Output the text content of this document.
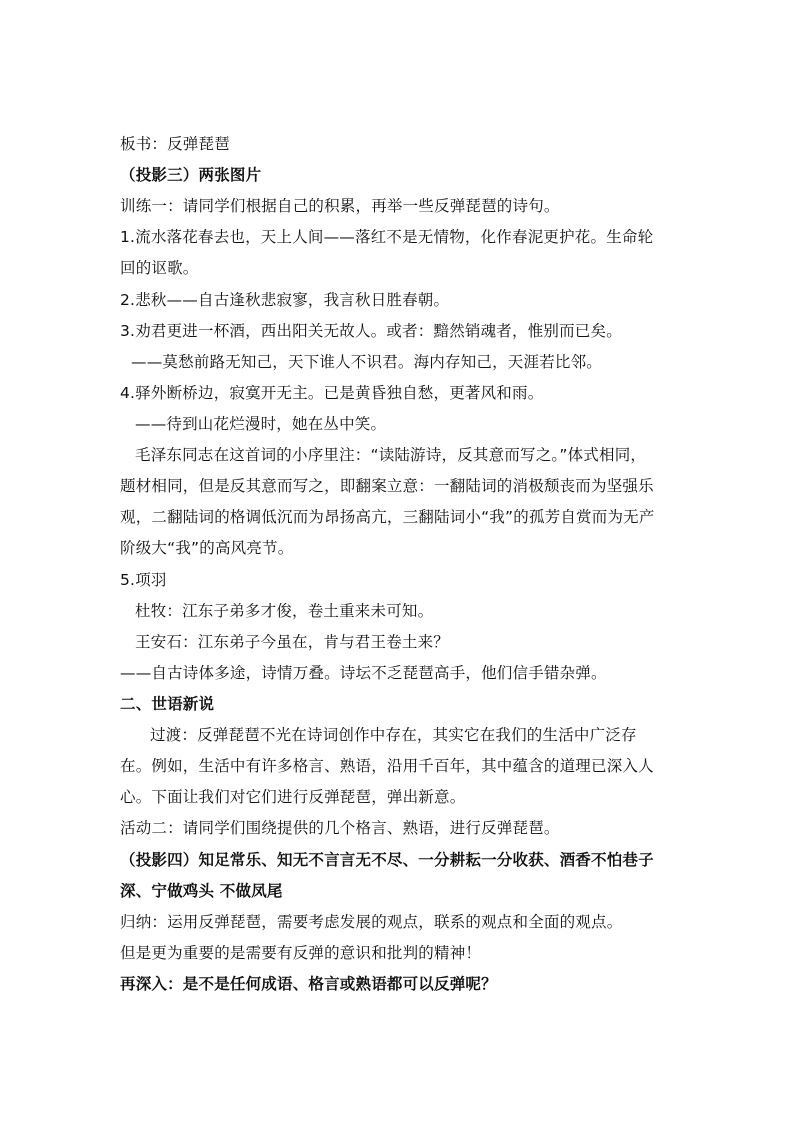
板书：反弹琵琶
（投影三）两张图片
训练一：请同学们根据自己的积累，再举一些反弹琵琶的诗句。
1.流水落花春去也，天上人间——落红不是无情物，化作春泥更护花。生命轮
回的讴歌。
2.悲秋——自古逢秋悲寂寥，我言秋日胜春朝。
3.劝君更进一杯酒，西出阳关无故人。或者：黯然销魂者，惟别而已矣。
——莫愁前路无知己，天下谁人不识君。海内存知己，天涯若比邻。
4.驿外断桥边，寂寞开无主。已是黄昏独自愁，更著风和雨。
——待到山花烂漫时，她在丛中笑。
毛泽东同志在这首词的小序里注：“读陆游诗，反其意而写之。”体式相同，
题材相同，但是反其意而写之，即翻案立意：一翻陆词的消极颓丧而为坚强乐
观，二翻陆词的格调低沉而为昂扬高亢，三翻陆词小“我”的孤芳自赏而为无产
阶级大“我”的高风亮节。
5.项羽
杜牧：江东子弟多才俊，卷土重来未可知。
王安石：江东弟子今虽在，肯与君王卷土来？
——自古诗体多途，诗情万叠。诗坛不乏琵琶高手，他们信手错杂弹。
二、世语新说
过渡：反弹琵琶不光在诗词创作中存在，其实它在我们的生活中广泛存
在。例如，生活中有许多格言、熟语，沿用千百年，其中蕴含的道理已深入人
心。下面让我们对它们进行反弹琵琶，弹出新意。
活动二：请同学们围绕提供的几个格言、熟语，进行反弹琵琶。
（投影四）知足常乐、知无不言言无不尽、一分耕耘一分收获、酒香不怕巷子
深、宁做鸡头 不做凤尾
归纳：运用反弹琵琶，需要考虑发展的观点，联系的观点和全面的观点。
但是更为重要的是需要有反弹的意识和批判的精神！
再深入：是不是任何成语、格言或熟语都可以反弹呢？
